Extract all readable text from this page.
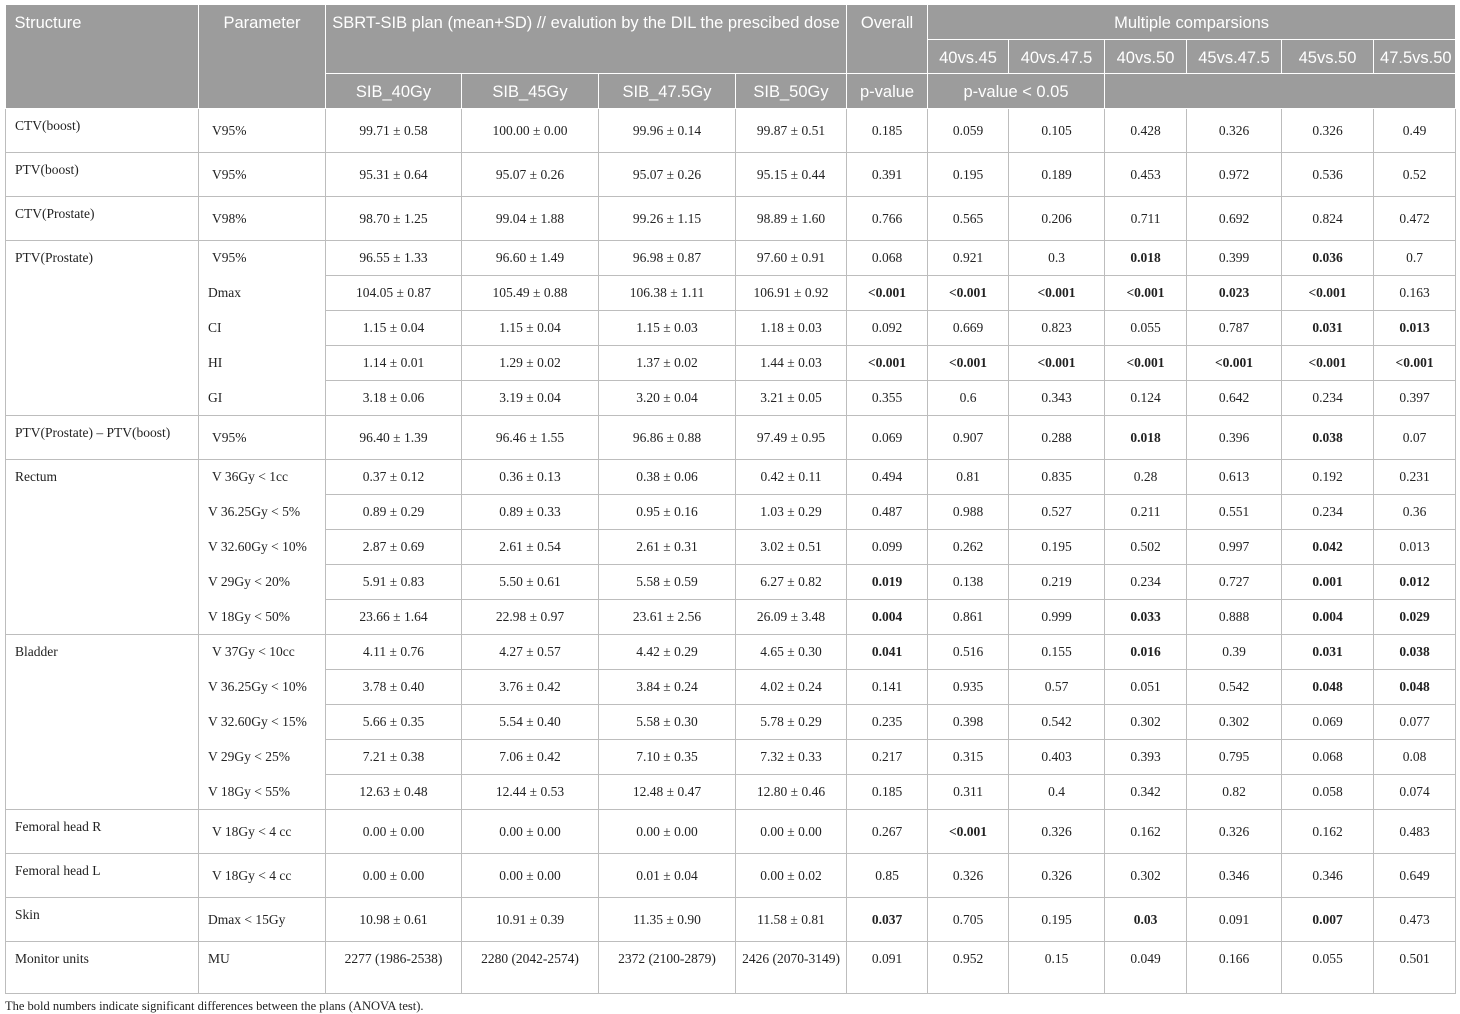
Structure	Parameter	SBRT-SIB plan (mean+SD) // evalution by the DIL the prescibed dose				Overall	Multiple comparsions					
							40vs.45	40vs.47.5	40vs.50	45vs.47.5	45vs.50	47.5vs.50
		SIB_40Gy	SIB_45Gy	SIB_47.5Gy	SIB_50Gy	p-value	p-value < 0.05					
CTV(boost)	V95%	99.71 ± 0.58	100.00 ± 0.00	99.96 ± 0.14	99.87 ± 0.51	0.185	0.059	0.105	0.428	0.326	0.326	0.49
PTV(boost)	V95%	95.31 ± 0.64	95.07 ± 0.26	95.07 ± 0.26	95.15 ± 0.44	0.391	0.195	0.189	0.453	0.972	0.536	0.52
CTV(Prostate)	V98%	98.70 ± 1.25	99.04 ± 1.88	99.26 ± 1.15	98.89 ± 1.60	0.766	0.565	0.206	0.711	0.692	0.824	0.472
PTV(Prostate)	V95%	96.55 ± 1.33	96.60 ± 1.49	96.98 ± 0.87	97.60 ± 0.91	0.068	0.921	0.3	0.018	0.399	0.036	0.7
	Dmax	104.05 ± 0.87	105.49 ± 0.88	106.38 ± 1.11	106.91 ± 0.92	<0.001	<0.001	<0.001	<0.001	0.023	<0.001	0.163
	CI	1.15 ± 0.04	1.15 ± 0.04	1.15 ± 0.03	1.18 ± 0.03	0.092	0.669	0.823	0.055	0.787	0.031	0.013
	HI	1.14 ± 0.01	1.29 ± 0.02	1.37 ± 0.02	1.44 ± 0.03	<0.001	<0.001	<0.001	<0.001	<0.001	<0.001	<0.001
	GI	3.18 ± 0.06	3.19 ± 0.04	3.20 ± 0.04	3.21 ± 0.05	0.355	0.6	0.343	0.124	0.642	0.234	0.397
PTV(Prostate) – PTV(boost)	V95%	96.40 ± 1.39	96.46 ± 1.55	96.86 ± 0.88	97.49 ± 0.95	0.069	0.907	0.288	0.018	0.396	0.038	0.07
Rectum	V 36Gy < 1cc	0.37 ± 0.12	0.36 ± 0.13	0.38 ± 0.06	0.42 ± 0.11	0.494	0.81	0.835	0.28	0.613	0.192	0.231
	V 36.25Gy < 5%	0.89 ± 0.29	0.89 ± 0.33	0.95 ± 0.16	1.03 ± 0.29	0.487	0.988	0.527	0.211	0.551	0.234	0.36
	V 32.60Gy < 10%	2.87 ± 0.69	2.61 ± 0.54	2.61 ± 0.31	3.02 ± 0.51	0.099	0.262	0.195	0.502	0.997	0.042	0.013
	V 29Gy < 20%	5.91 ± 0.83	5.50 ± 0.61	5.58 ± 0.59	6.27 ± 0.82	0.019	0.138	0.219	0.234	0.727	0.001	0.012
	V 18Gy < 50%	23.66 ± 1.64	22.98 ± 0.97	23.61 ± 2.56	26.09 ± 3.48	0.004	0.861	0.999	0.033	0.888	0.004	0.029
Bladder	V 37Gy < 10cc	4.11 ± 0.76	4.27 ± 0.57	4.42 ± 0.29	4.65 ± 0.30	0.041	0.516	0.155	0.016	0.39	0.031	0.038
	V 36.25Gy < 10%	3.78 ± 0.40	3.76 ± 0.42	3.84 ± 0.24	4.02 ± 0.24	0.141	0.935	0.57	0.051	0.542	0.048	0.048
	V 32.60Gy < 15%	5.66 ± 0.35	5.54 ± 0.40	5.58 ± 0.30	5.78 ± 0.29	0.235	0.398	0.542	0.302	0.302	0.069	0.077
	V 29Gy < 25%	7.21 ± 0.38	7.06 ± 0.42	7.10 ± 0.35	7.32 ± 0.33	0.217	0.315	0.403	0.393	0.795	0.068	0.08
	V 18Gy < 55%	12.63 ± 0.48	12.44 ± 0.53	12.48 ± 0.47	12.80 ± 0.46	0.185	0.311	0.4	0.342	0.82	0.058	0.074
Femoral head R	V 18Gy < 4 cc	0.00 ± 0.00	0.00 ± 0.00	0.00 ± 0.00	0.00 ± 0.00	0.267	<0.001	0.326	0.162	0.326	0.162	0.483
Femoral head L	V 18Gy < 4 cc	0.00 ± 0.00	0.00 ± 0.00	0.01 ± 0.04	0.00 ± 0.02	0.85	0.326	0.326	0.302	0.346	0.346	0.649
Skin	Dmax < 15Gy	10.98 ± 0.61	10.91 ± 0.39	11.35 ± 0.90	11.58 ± 0.81	0.037	0.705	0.195	0.03	0.091	0.007	0.473
Monitor units	MU	2277 (1986-2538)	2280 (2042-2574)	2372 (2100-2879)	2426 (2070-3149)	0.091	0.952	0.15	0.049	0.166	0.055	0.501
The bold numbers indicate significant differences between the plans (ANOVA test).
